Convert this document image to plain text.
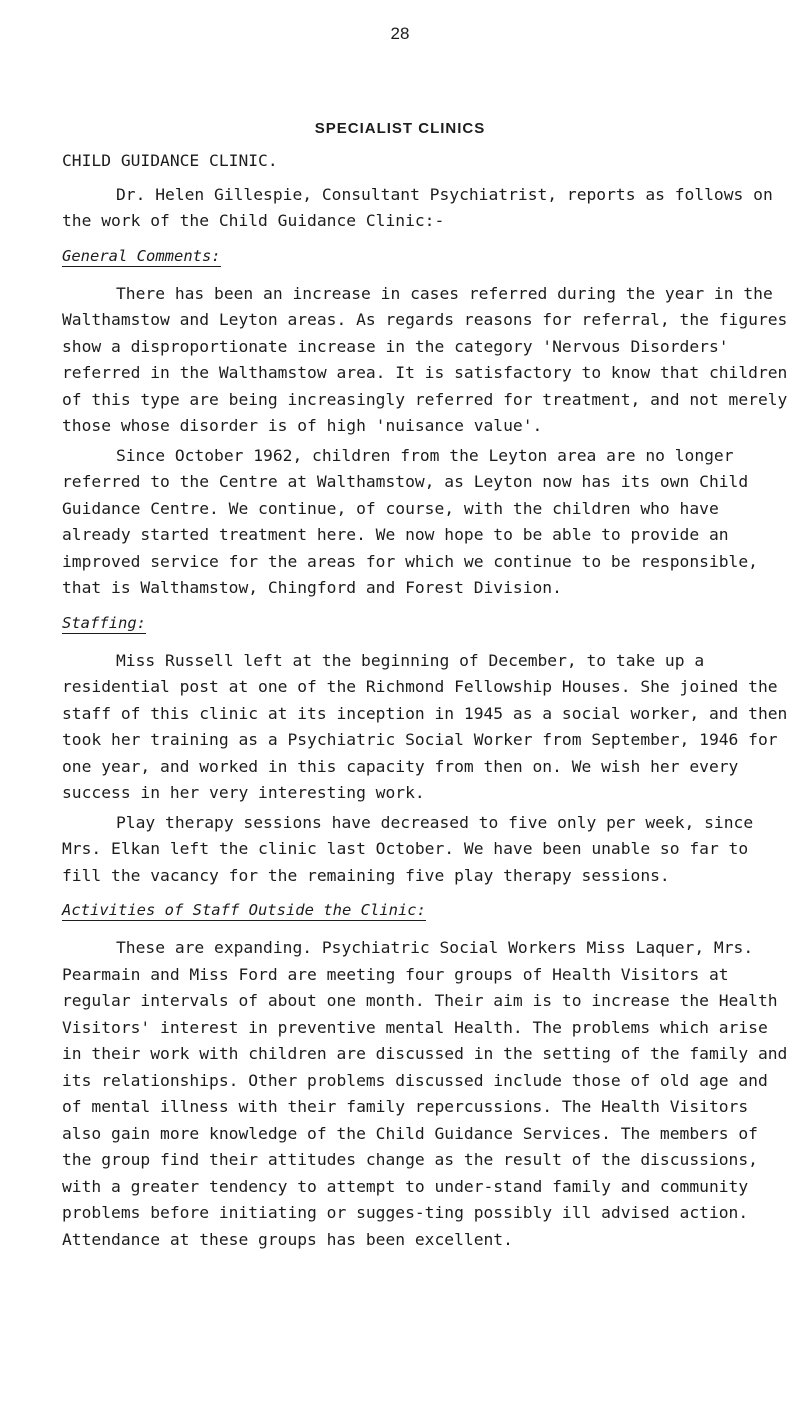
28
SPECIALIST CLINICS
CHILD GUIDANCE CLINIC.

Dr. Helen Gillespie, Consultant Psychiatrist, reports as follows on the work of the Child Guidance Clinic:-

General Comments:

There has been an increase in cases referred during the year in the Walthamstow and Leyton areas. As regards reasons for referral, the figures show a disproportionate increase in the category 'Nervous Disorders' referred in the Walthamstow area. It is satisfactory to know that children of this type are being increasingly referred for treatment, and not merely those whose disorder is of high 'nuisance value'.

Since October 1962, children from the Leyton area are no longer referred to the Centre at Walthamstow, as Leyton now has its own Child Guidance Centre. We continue, of course, with the children who have already started treatment here. We now hope to be able to provide an improved service for the areas for which we continue to be responsible, that is Walthamstow, Chingford and Forest Division.

Staffing:

Miss Russell left at the beginning of December, to take up a residential post at one of the Richmond Fellowship Houses. She joined the staff of this clinic at its inception in 1945 as a social worker, and then took her training as a Psychiatric Social Worker from September, 1946 for one year, and worked in this capacity from then on. We wish her every success in her very interesting work.

Play therapy sessions have decreased to five only per week, since Mrs. Elkan left the clinic last October. We have been unable so far to fill the vacancy for the remaining five play therapy sessions.

Activities of Staff Outside the Clinic:

These are expanding. Psychiatric Social Workers Miss Laquer, Mrs. Pearmain and Miss Ford are meeting four groups of Health Visitors at regular intervals of about one month. Their aim is to increase the Health Visitors' interest in preventive mental Health. The problems which arise in their work with children are discussed in the setting of the family and its relationships. Other problems discussed include those of old age and of mental illness with their family repercussions. The Health Visitors also gain more knowledge of the Child Guidance Services. The members of the group find their attitudes change as the result of the discussions, with a greater tendency to attempt to under-stand family and community problems before initiating or sugges-ting possibly ill advised action. Attendance at these groups has been excellent.
